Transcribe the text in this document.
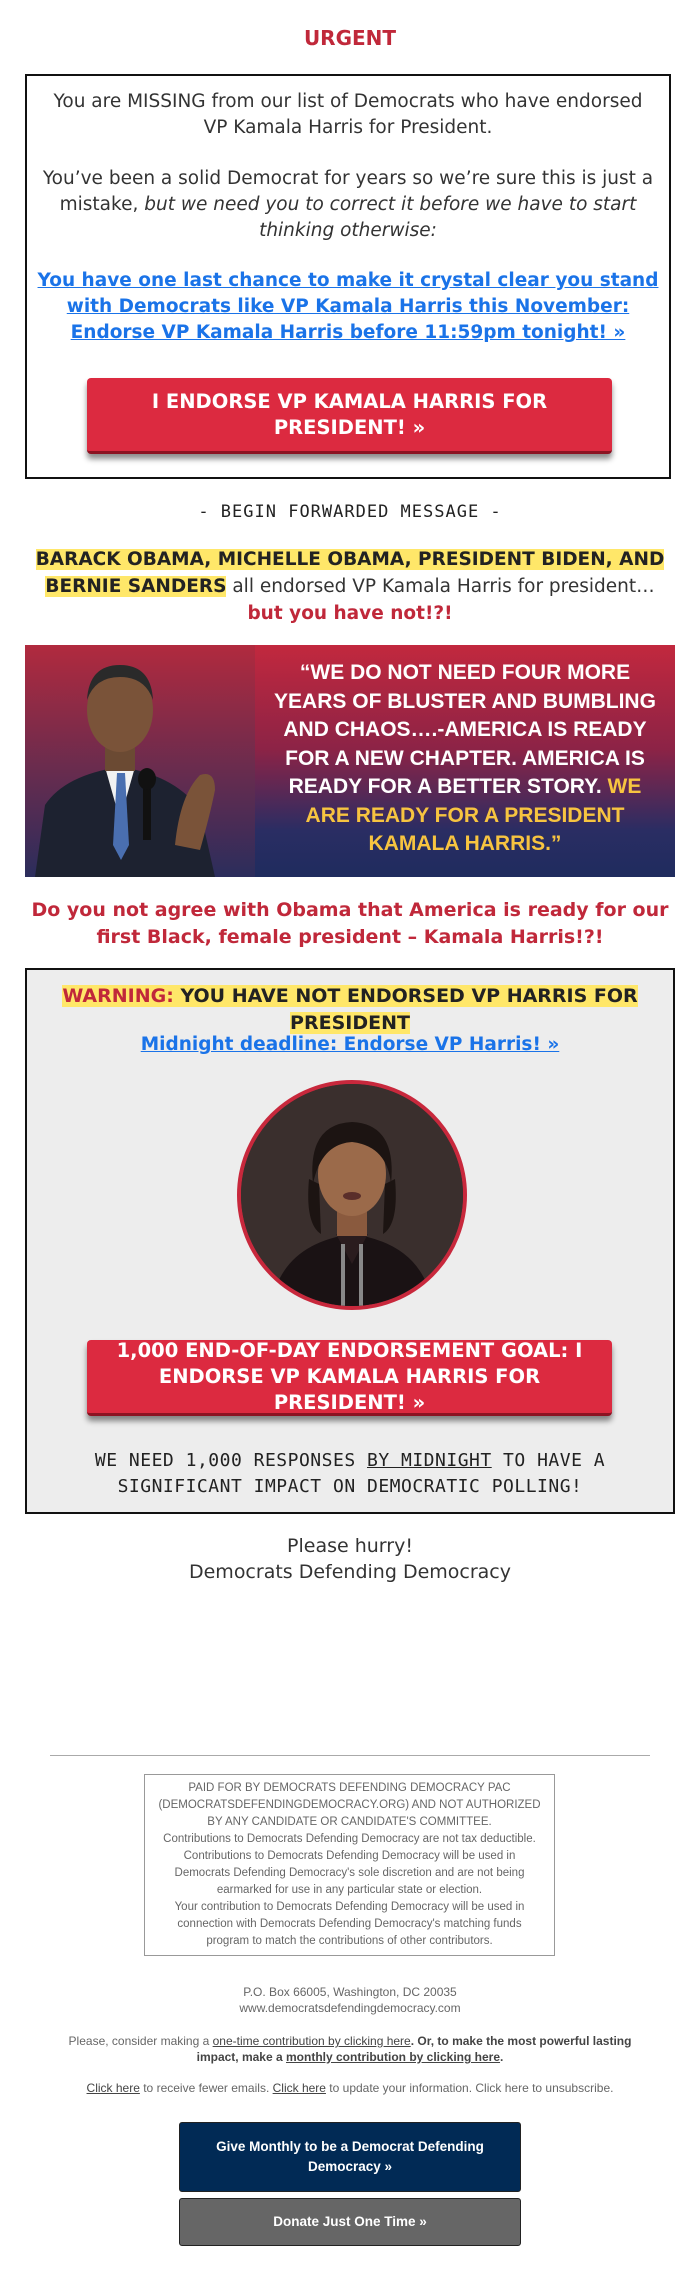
URGENT
You are MISSING from our list of Democrats who have endorsed VP Kamala Harris for President.
You’ve been a solid Democrat for years so we’re sure this is just a mistake, but we need you to correct it before we have to start thinking otherwise:
You have one last chance to make it crystal clear you stand with Democrats like VP Kamala Harris this November: Endorse VP Kamala Harris before 11:59pm tonight! »
I ENDORSE VP KAMALA HARRIS FOR PRESIDENT! »
- BEGIN FORWARDED MESSAGE -
BARACK OBAMA, MICHELLE OBAMA, PRESIDENT BIDEN, AND BERNIE SANDERS all endorsed VP Kamala Harris for president…but you have not!?!
“WE DO NOT NEED FOUR MORE YEARS OF BLUSTER AND BUMBLING AND CHAOS….-AMERICA IS READY FOR A NEW CHAPTER. AMERICA IS READY FOR A BETTER STORY. WE ARE READY FOR A PRESIDENT KAMALA HARRIS.”
Do you not agree with Obama that America is ready for our first Black, female president – Kamala Harris!?!
WARNING: YOU HAVE NOT ENDORSED VP HARRIS FOR PRESIDENT
Midnight deadline: Endorse VP Harris! »
1,000 END-OF-DAY ENDORSEMENT GOAL: I ENDORSE VP KAMALA HARRIS FOR PRESIDENT! »
WE NEED 1,000 RESPONSES BY MIDNIGHT TO HAVE A SIGNIFICANT IMPACT ON DEMOCRATIC POLLING!
Please hurry!
Democrats Defending Democracy
PAID FOR BY DEMOCRATS DEFENDING DEMOCRACY PAC (DEMOCRATSDEFENDINGDEMOCRACY.ORG) AND NOT AUTHORIZED BY ANY CANDIDATE OR CANDIDATE'S COMMITTEE.
Contributions to Democrats Defending Democracy are not tax deductible.
Contributions to Democrats Defending Democracy will be used in Democrats Defending Democracy's sole discretion and are not being earmarked for use in any particular state or election.
Your contribution to Democrats Defending Democracy will be used in connection with Democrats Defending Democracy's matching funds program to match the contributions of other contributors.
P.O. Box 66005, Washington, DC 20035
www.democratsdefendingdemocracy.com
Please, consider making a one-time contribution by clicking here. Or, to make the most powerful lasting impact, make a monthly contribution by clicking here.
Click here to receive fewer emails. Click here to update your information. Click here to unsubscribe.
Give Monthly to be a Democrat Defending Democracy »
Donate Just One Time »
